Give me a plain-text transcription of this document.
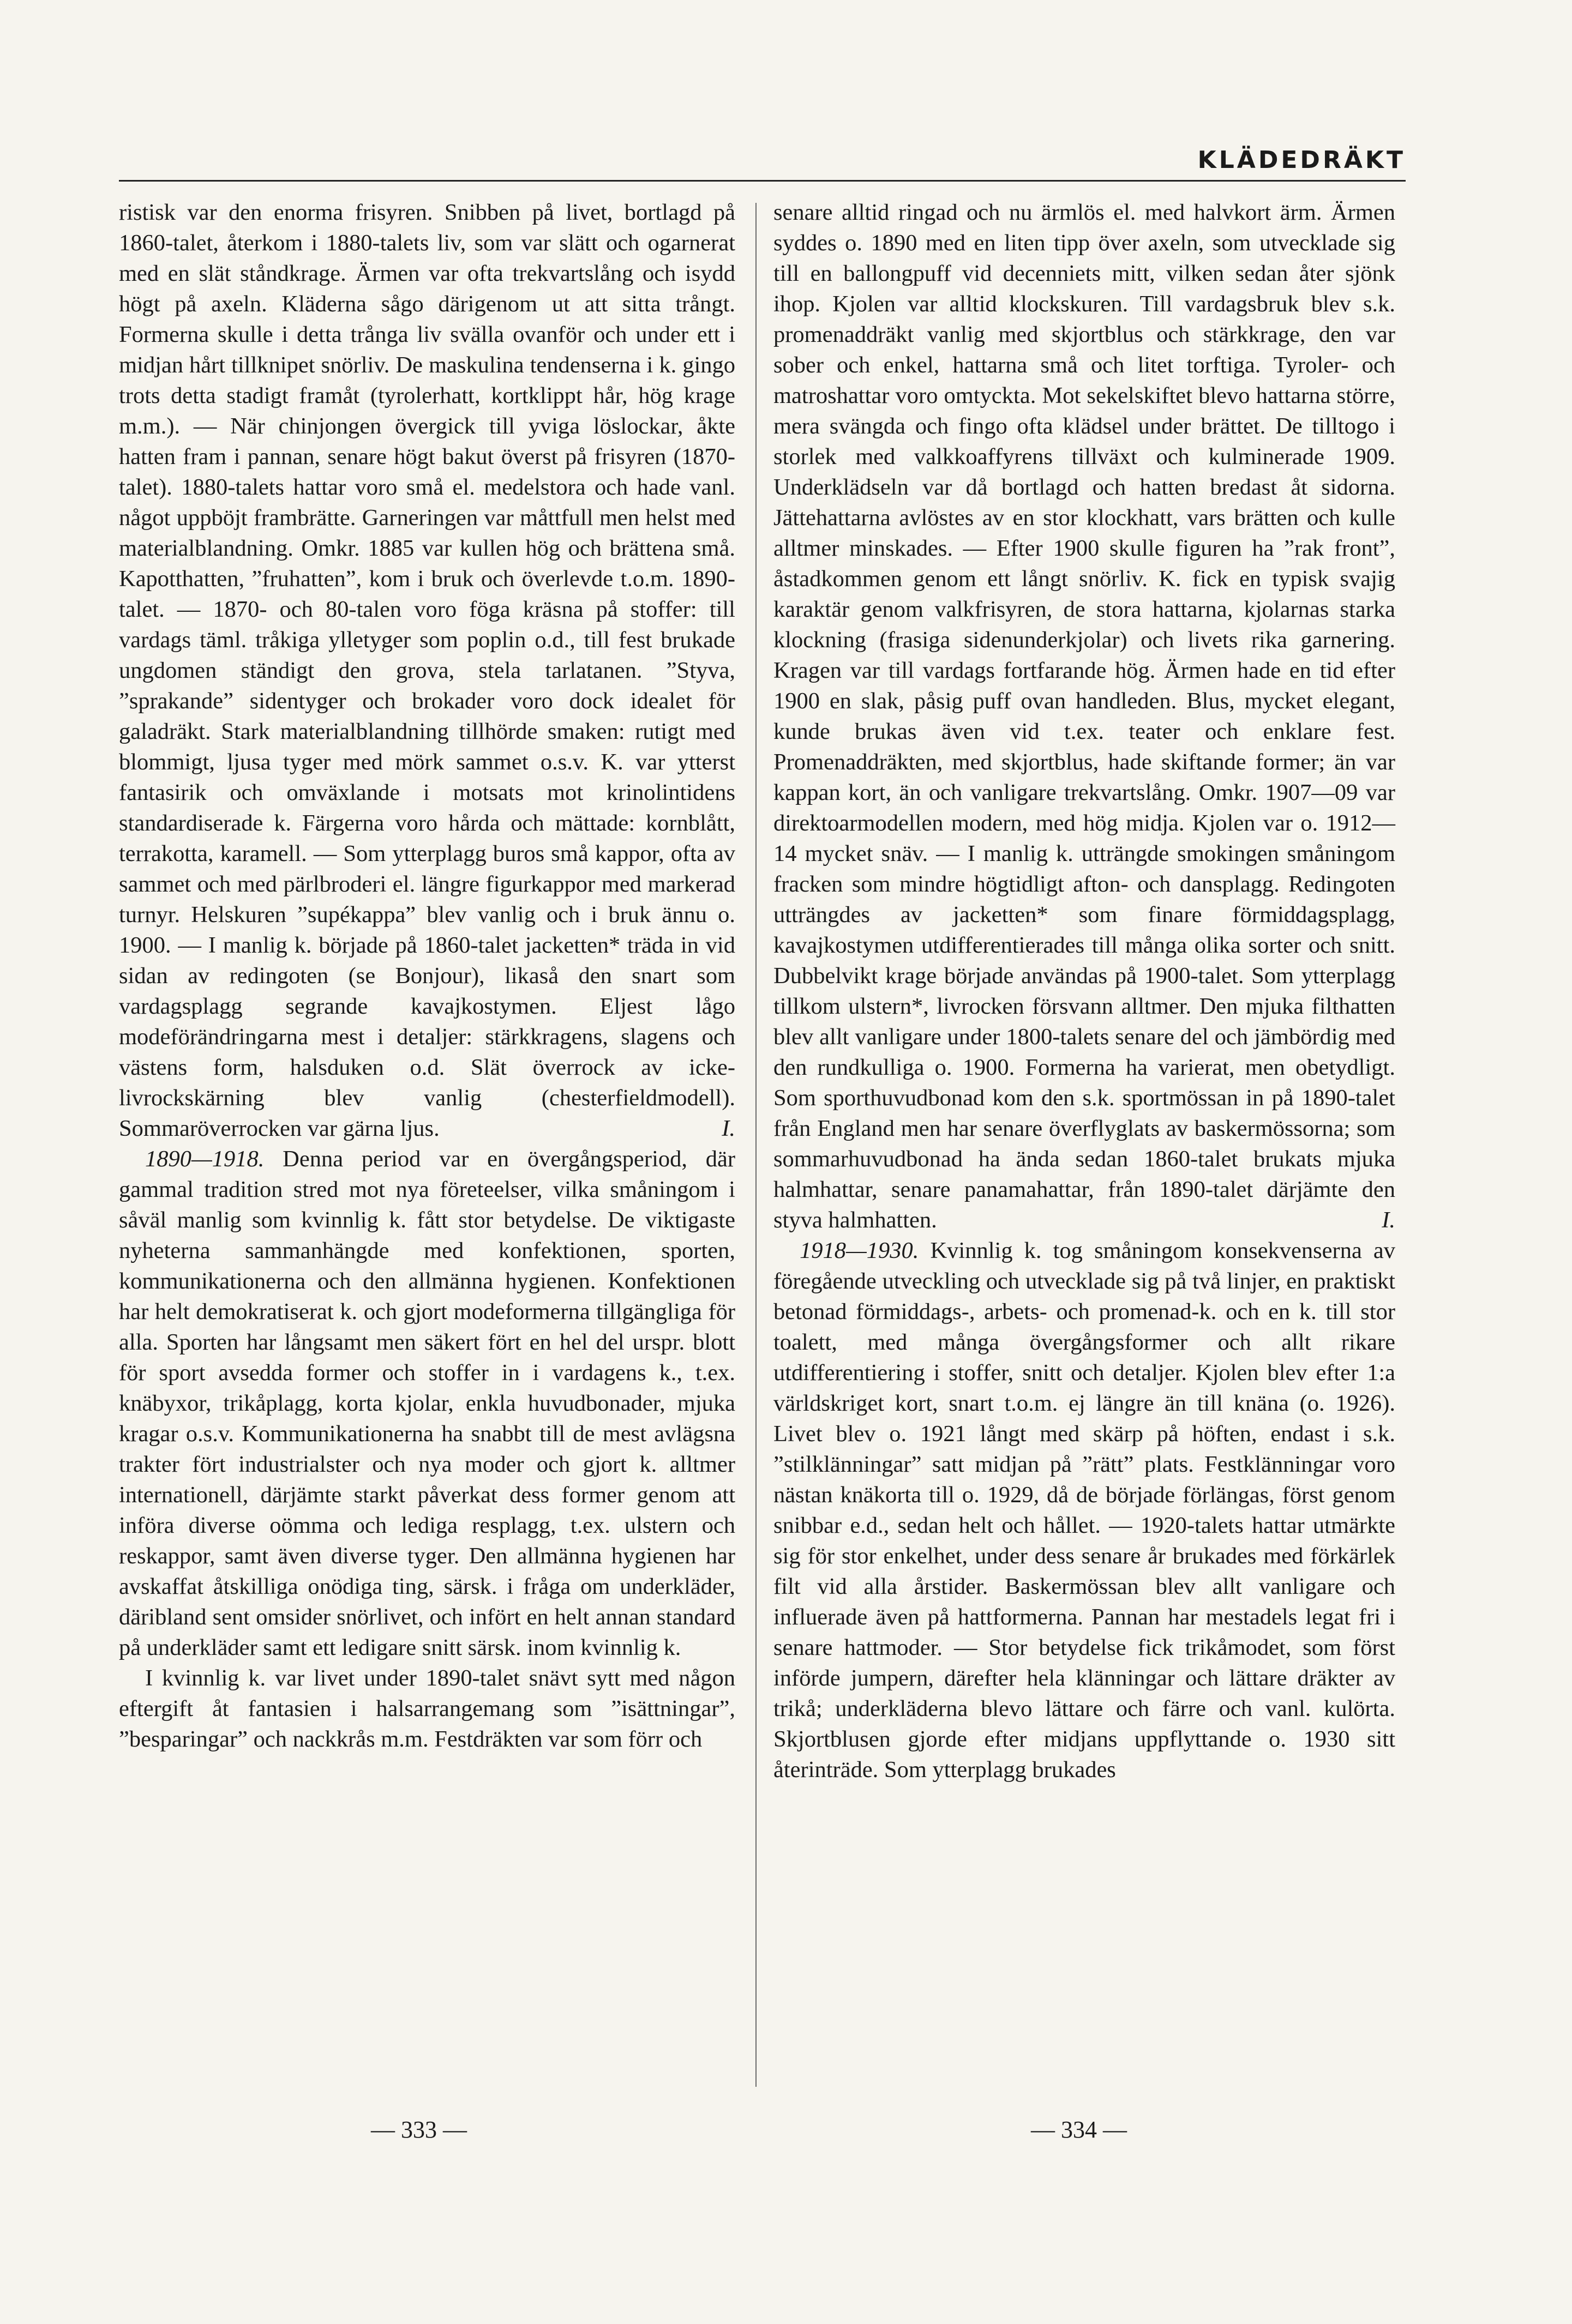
KLÄDEDRÄKT

ristisk var den enorma frisyren. Snibben på livet, bortlagd på 1860-talet, återkom i 1880-talets liv, som var slätt och ogarnerat med en slät ståndkrage. Ärmen var ofta trekvartslång och isydd högt på axeln. Kläderna sågo därigenom ut att sitta trångt. Formerna skulle i detta trånga liv svälla ovanför och under ett i midjan hårt tillknipet snörliv. De maskulina tendenserna i k. gingo trots detta stadigt framåt (tyrolerhatt, kortklippt hår, hög krage m.m.). — När chinjongen övergick till yviga löslockar, åkte hatten fram i pannan, senare högt bakut överst på frisyren (1870-talet). 1880-talets hattar voro små el. medelstora och hade vanl. något uppböjt frambrätte. Garneringen var måttfull men helst med materialblandning. Omkr. 1885 var kullen hög och brättena små. Kapotthatten, ”fruhatten”, kom i bruk och överlevde t.o.m. 1890-talet. — 1870- och 80-talen voro föga kräsna på stoffer: till vardags täml. tråkiga ylletyger som poplin o.d., till fest brukade ungdomen ständigt den grova, stela tarlatanen. ”Styva, ”sprakande” sidentyger och brokader voro dock idealet för galadräkt. Stark materialblandning tillhörde smaken: rutigt med blommigt, ljusa tyger med mörk sammet o.s.v. K. var ytterst fantasirik och omväxlande i motsats mot krinolintidens standardiserade k. Färgerna voro hårda och mättade: kornblått, terrakotta, karamell. — Som ytterplagg buros små kappor, ofta av sammet och med pärlbroderi el. längre figurkappor med markerad turnyr. Helskuren ”supékappa” blev vanlig och i bruk ännu o. 1900. — I manlig k. började på 1860-talet jacketten* träda in vid sidan av redingoten (se Bonjour), likaså den snart som vardagsplagg segrande kavajkostymen. Eljest lågo modeförändringarna mest i detaljer: stärkkragens, slagens och västens form, halsduken o.d. Slät överrock av icke-livrockskärning blev vanlig (chesterfieldmodell). Sommaröverrocken var gärna ljus.	I.

1890—1918. Denna period var en övergångsperiod, där gammal tradition stred mot nya företeelser, vilka småningom i såväl manlig som kvinnlig k. fått stor betydelse. De viktigaste nyheterna sammanhängde med konfektionen, sporten, kommunikationerna och den allmänna hygienen. Konfektionen har helt demokratiserat k. och gjort modeformerna tillgängliga för alla. Sporten har långsamt men säkert fört en hel del urspr. blott för sport avsedda former och stoffer in i vardagens k., t.ex. knäbyxor, trikåplagg, korta kjolar, enkla huvudbonader, mjuka kragar o.s.v. Kommunikationerna ha snabbt till de mest avlägsna trakter fört industrialster och nya moder och gjort k. alltmer internationell, därjämte starkt påverkat dess former genom att införa diverse oömma och lediga resplagg, t.ex. ulstern och reskappor, samt även diverse tyger. Den allmänna hygienen har avskaffat åtskilliga onödiga ting, särsk. i fråga om underkläder, däribland sent omsider snörlivet, och infört en helt annan standard på underkläder samt ett ledigare snitt särsk. inom kvinnlig k.

I kvinnlig k. var livet under 1890-talet snävt sytt med någon eftergift åt fantasien i halsarrangemang som ”isättningar”, ”besparingar” och nackkrås m.m. Festdräkten var som förr och

senare alltid ringad och nu ärmlös el. med halvkort ärm. Ärmen syddes o. 1890 med en liten tipp över axeln, som utvecklade sig till en ballongpuff vid decenniets mitt, vilken sedan åter sjönk ihop. Kjolen var alltid klockskuren. Till vardagsbruk blev s.k. promenaddräkt vanlig med skjortblus och stärkkrage, den var sober och enkel, hattarna små och litet torftiga. Tyroler- och matroshattar voro omtyckta. Mot sekelskiftet blevo hattarna större, mera svängda och fingo ofta klädsel under brättet. De tilltogo i storlek med valkkoaffyrens tillväxt och kulminerade 1909. Underklädseln var då bortlagd och hatten bredast åt sidorna. Jättehattarna avlöstes av en stor klockhatt, vars brätten och kulle alltmer minskades. — Efter 1900 skulle figuren ha ”rak front”, åstadkommen genom ett långt snörliv. K. fick en typisk svajig karaktär genom valkfrisyren, de stora hattarna, kjolarnas starka klockning (frasiga sidenunderkjolar) och livets rika garnering. Kragen var till vardags fortfarande hög. Ärmen hade en tid efter 1900 en slak, påsig puff ovan handleden. Blus, mycket elegant, kunde brukas även vid t.ex. teater och enklare fest. Promenaddräkten, med skjortblus, hade skiftande former; än var kappan kort, än och vanligare trekvartslång. Omkr. 1907—09 var direktoarmodellen modern, med hög midja. Kjolen var o. 1912—14 mycket snäv. — I manlig k. utträngde smokingen småningom fracken som mindre högtidligt afton- och dansplagg. Redingoten utträngdes av jacketten* som finare förmiddagsplagg, kavajkostymen utdifferentierades till många olika sorter och snitt. Dubbelvikt krage började användas på 1900-talet. Som ytterplagg tillkom ulstern*, livrocken försvann alltmer. Den mjuka filthatten blev allt vanligare under 1800-talets senare del och jämbördig med den rundkulliga o. 1900. Formerna ha varierat, men obetydligt. Som sporthuvudbonad kom den s.k. sportmössan in på 1890-talet från England men har senare överflyglats av baskermössorna; som sommarhuvudbonad ha ända sedan 1860-talet brukats mjuka halmhattar, senare panamahattar, från 1890-talet därjämte den styva halmhatten.	I.

1918—1930. Kvinnlig k. tog småningom konsekvenserna av föregående utveckling och utvecklade sig på två linjer, en praktiskt betonad förmiddags-, arbets- och promenad-k. och en k. till stor toalett, med många övergångsformer och allt rikare utdifferentiering i stoffer, snitt och detaljer. Kjolen blev efter 1:a världskriget kort, snart t.o.m. ej längre än till knäna (o. 1926). Livet blev o. 1921 långt med skärp på höften, endast i s.k. ”stilklänningar” satt midjan på ”rätt” plats. Festklänningar voro nästan knäkorta till o. 1929, då de började förlängas, först genom snibbar e.d., sedan helt och hållet. — 1920-talets hattar utmärkte sig för stor enkelhet, under dess senare år brukades med förkärlek filt vid alla årstider. Baskermössan blev allt vanligare och influerade även på hattformerna. Pannan har mestadels legat fri i senare hattmoder. — Stor betydelse fick trikåmodet, som först införde jumpern, därefter hela klänningar och lättare dräkter av trikå; underkläderna blevo lättare och färre och vanl. kulörta. Skjortblusen gjorde efter midjans uppflyttande o. 1930 sitt återinträde. Som ytterplagg brukades

— 333 —	— 334 —
